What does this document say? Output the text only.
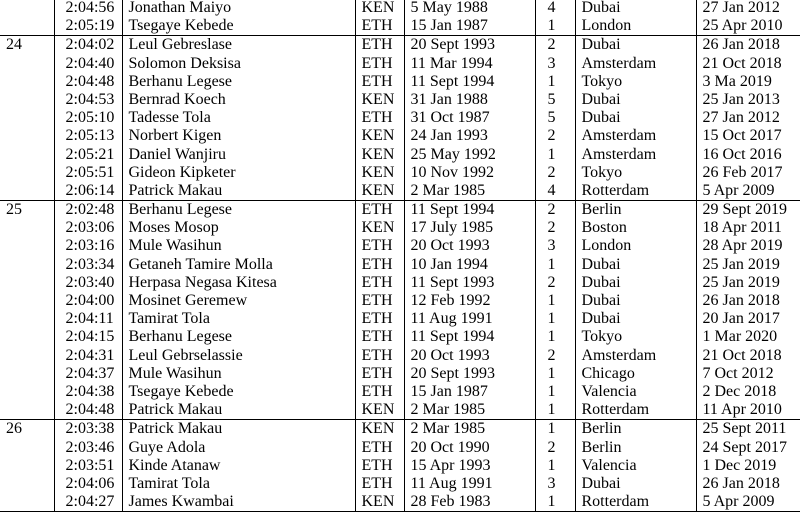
	2:04:56	Jonathan Maiyo	KEN	5 May 1988	4	Dubai	27 Jan 2012
	2:05:19	Tsegaye Kebede	ETH	15 Jan 1987	1	London	25 Apr 2010
24	2:04:02	Leul Gebreslase	ETH	20 Sept 1993	2	Dubai	26 Jan 2018
	2:04:40	Solomon Deksisa	ETH	11 Mar 1994	3	Amsterdam	21 Oct 2018
	2:04:48	Berhanu Legese	ETH	11 Sept 1994	1	Tokyo	3 Ma 2019
	2:04:53	Bernrad Koech	KEN	31 Jan 1988	5	Dubai	25 Jan 2013
	2:05:10	Tadesse Tola	ETH	31 Oct 1987	5	Dubai	27 Jan 2012
	2:05:13	Norbert Kigen	KEN	24 Jan 1993	2	Amsterdam	15 Oct 2017
	2:05:21	Daniel Wanjiru	KEN	25 May 1992	1	Amsterdam	16 Oct 2016
	2:05:51	Gideon Kipketer	KEN	10 Nov 1992	2	Tokyo	26 Feb 2017
	2:06:14	Patrick Makau	KEN	2 Mar 1985	4	Rotterdam	5 Apr 2009
25	2:02:48	Berhanu Legese	ETH	11 Sept 1994	2	Berlin	29 Sept 2019
	2:03:06	Moses Mosop	KEN	17 July 1985	2	Boston	18 Apr 2011
	2:03:16	Mule Wasihun	ETH	20 Oct 1993	3	London	28 Apr 2019
	2:03:34	Getaneh Tamire Molla	ETH	10 Jan 1994	1	Dubai	25 Jan 2019
	2:03:40	Herpasa Negasa Kitesa	ETH	11 Sept 1993	2	Dubai	25 Jan 2019
	2:04:00	Mosinet Geremew	ETH	12 Feb 1992	1	Dubai	26 Jan 2018
	2:04:11	Tamirat Tola	ETH	11 Aug 1991	1	Dubai	20 Jan 2017
	2:04:15	Berhanu Legese	ETH	11 Sept 1994	1	Tokyo	1 Mar 2020
	2:04:31	Leul Gebrselassie	ETH	20 Oct 1993	2	Amsterdam	21 Oct 2018
	2:04:37	Mule Wasihun	ETH	20 Sept 1993	1	Chicago	7 Oct 2012
	2:04:38	Tsegaye Kebede	ETH	15 Jan 1987	1	Valencia	2 Dec 2018
	2:04:48	Patrick Makau	KEN	2 Mar 1985	1	Rotterdam	11 Apr 2010
26	2:03:38	Patrick Makau	KEN	2 Mar 1985	1	Berlin	25 Sept 2011
	2:03:46	Guye Adola	ETH	20 Oct 1990	2	Berlin	24 Sept 2017
	2:03:51	Kinde Atanaw	ETH	15 Apr 1993	1	Valencia	1 Dec 2019
	2:04:06	Tamirat Tola	ETH	11 Aug 1991	3	Dubai	26 Jan 2018
	2:04:27	James Kwambai	KEN	28 Feb 1983	1	Rotterdam	5 Apr 2009
